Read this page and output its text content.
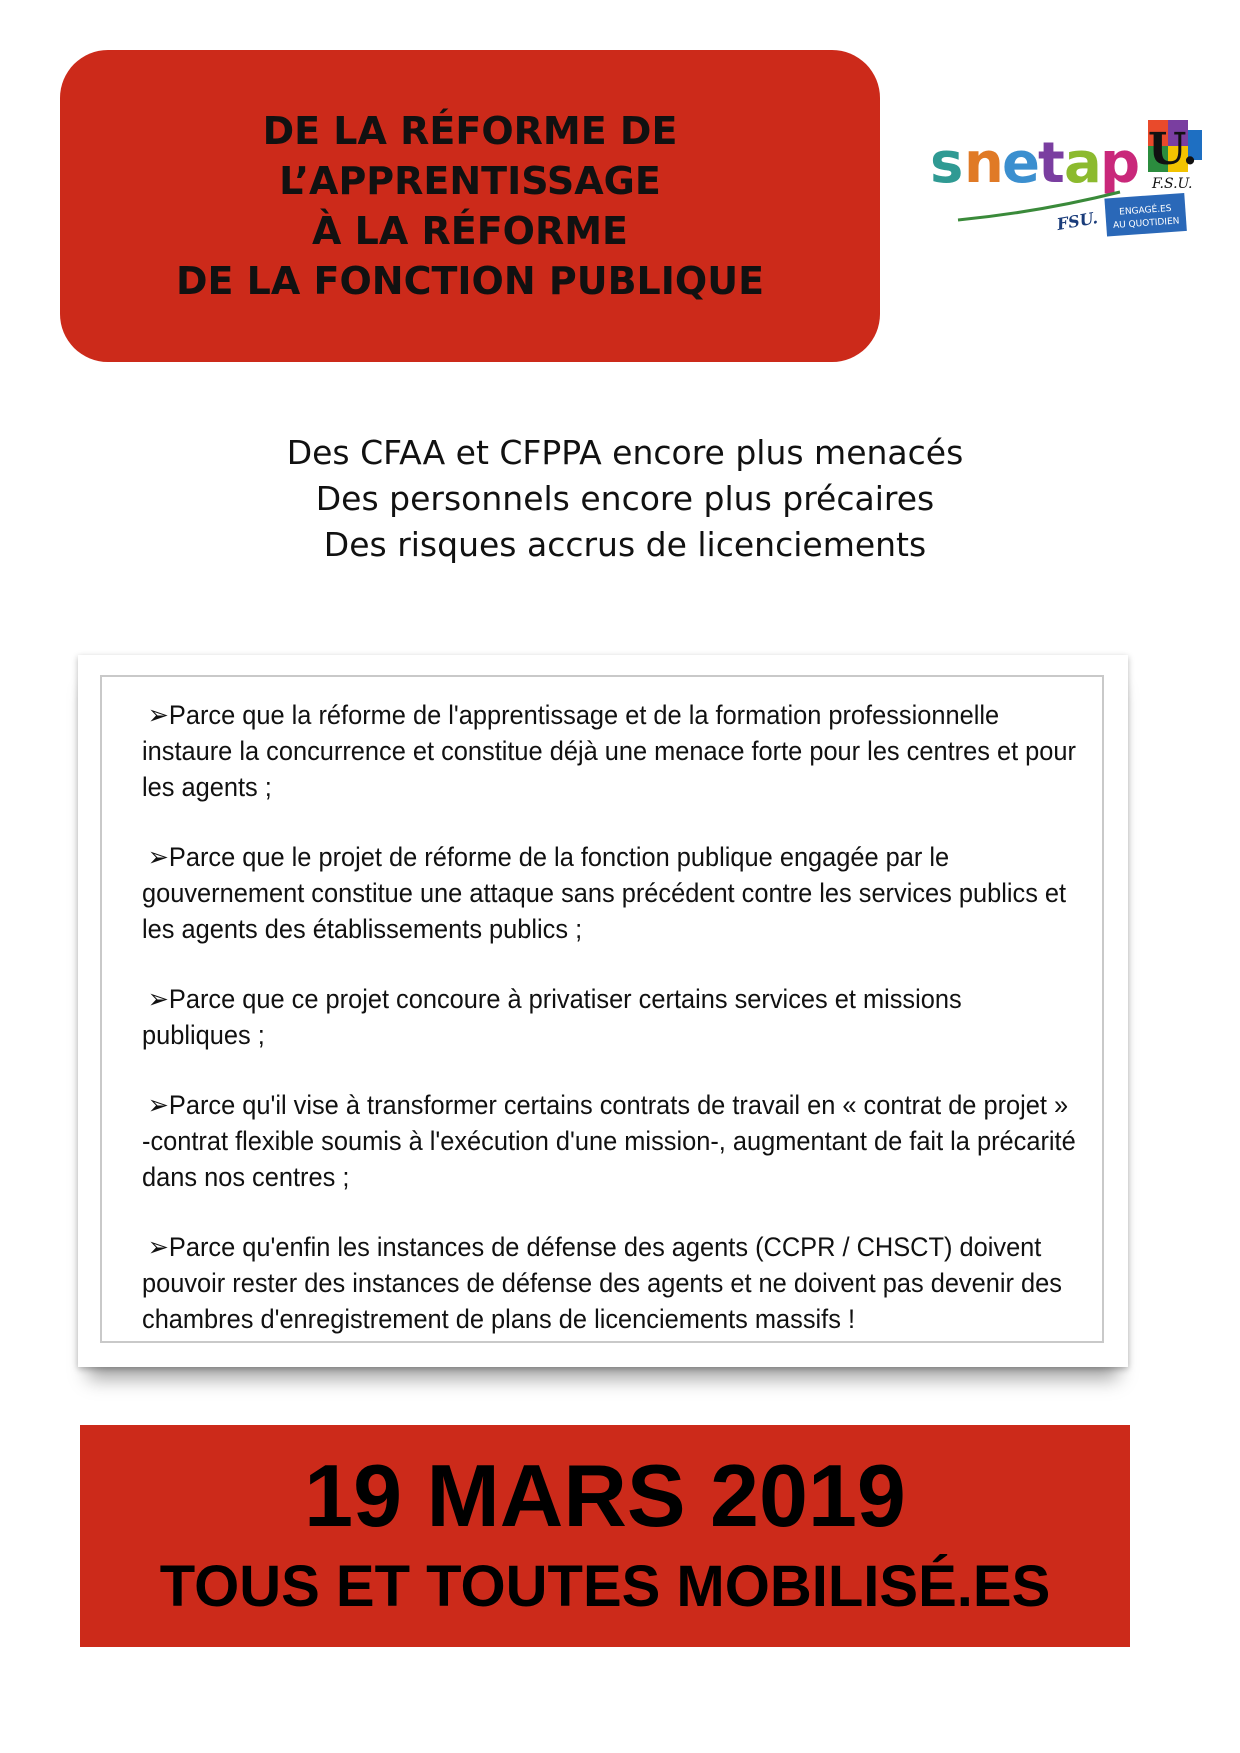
DE LA RÉFORME DE
L’APPRENTISSAGE
À LA RÉFORME
DE LA FONCTION PUBLIQUE
s n
e
t a
p U.
F.S.U.
FSU. ENGAGÉ.ES
AU QUOTIDIEN
Des CFAA et CFPPA encore plus menacés
Des personnels encore plus précaires
Des risques accrus de licenciements
➢Parce que la réforme de l'apprentissage et de la formation professionnelle
instaure la concurrence et constitue déjà une menace forte pour les centres et pour
les agents ;
➢Parce que le projet de réforme de la fonction publique engagée par le
gouvernement constitue une attaque sans précédent contre les services publics et
les agents des établissements publics ;
➢Parce que ce projet concoure à privatiser certains services et missions
publiques ;
➢Parce qu'il vise à transformer certains contrats de travail en « contrat de projet »
-contrat flexible soumis à l'exécution d'une mission-, augmentant de fait la précarité
dans nos centres ;
➢Parce qu'enfin les instances de défense des agents (CCPR / CHSCT) doivent
pouvoir rester des instances de défense des agents et ne doivent pas devenir des
chambres d'enregistrement de plans de licenciements massifs !
19 MARS 2019
TOUS ET TOUTES MOBILISÉ.ES
